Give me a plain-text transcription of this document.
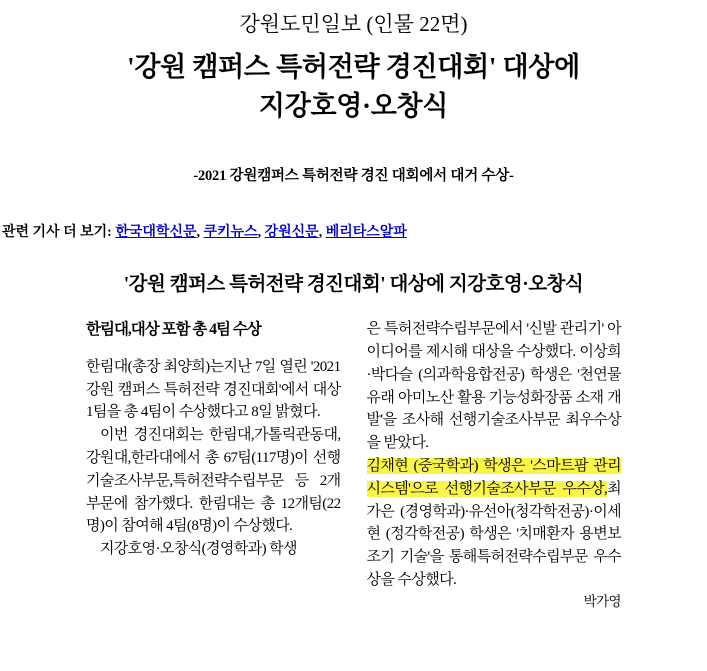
강원도민일보 (인물 22면)
'강원 캠퍼스 특허전략 경진대회' 대상에
지강호영·오창식
-2021 강원캠퍼스 특허전략 경진 대회에서 대거 수상-
관련 기사 더 보기: 한국대학신문, 쿠키뉴스, 강원신문, 베리타스알파
'강원 캠퍼스 특허전략 경진대회' 대상에 지강호영·오창식

한림대,대상 포함 총 4팀 수상

한림대(총장 최양희)는지난 7일 열린 '2021 강원 캠퍼스 특허전략 경진대회'에서 대상 1팀을 총 4팀이 수상했다고 8일 밝혔다.

이번 경진대회는 한림대,가톨릭관동대,강원대,한라대에서 총 67팀(117명)이 선행기술조사부문,특허전략수립부문 등 2개 부문에 참가했다. 한림대는 총 12개팀(22명)이 참여해 4팀(8명)이 수상했다.

지강호영·오창식(경영학과) 학생

은 특허전략수립부문에서 '신발 관리기' 아이디어를 제시해 대상을 수상했다. 이상희·박다슬 (의과학융합전공) 학생은 '천연물 유래 아미노산 활용 기능성화장품 소재 개발'을 조사해 선행기술조사부문 최우수상을 받았다.

김채현 (중국학과) 학생은 '스마트팜 관리 시스템'으로 선행기술조사부문 우수상,최가은 (경영학과)·유선아(청각학전공)·이세현 (정각학전공) 학생은 '치매환자 용변보조기 기술'을 통해특허전략수립부문 우수상을 수상했다.

박가영
